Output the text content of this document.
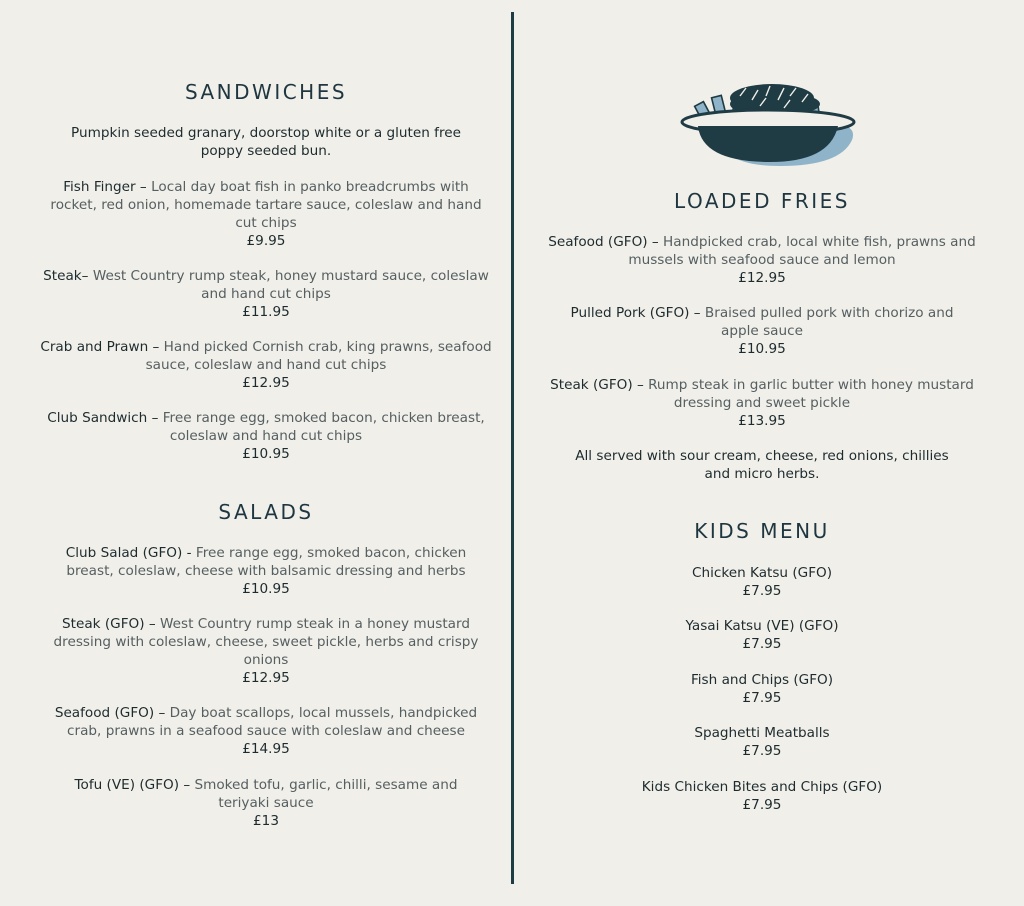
SANDWICHES
Pumpkin seeded granary, doorstop white or a gluten free poppy seeded bun.
Fish Finger – Local day boat fish in panko breadcrumbs with rocket, red onion, homemade tartare sauce, coleslaw and hand cut chips
£9.95
Steak– West Country rump steak, honey mustard sauce, coleslaw and hand cut chips
£11.95
Crab and Prawn – Hand picked Cornish crab, king prawns, seafood sauce, coleslaw and hand cut chips
£12.95
Club Sandwich – Free range egg, smoked bacon, chicken breast, coleslaw and hand cut chips
£10.95
SALADS
Club Salad (GFO) - Free range egg, smoked bacon, chicken breast, coleslaw, cheese with balsamic dressing and herbs
£10.95
Steak (GFO) – West Country rump steak in a honey mustard dressing with coleslaw, cheese, sweet pickle, herbs and crispy onions
£12.95
Seafood (GFO) – Day boat scallops, local mussels, handpicked crab, prawns in a seafood sauce with coleslaw and cheese
£14.95
Tofu (VE) (GFO) – Smoked tofu, garlic, chilli, sesame and teriyaki sauce
£13
LOADED FRIES
Seafood (GFO) – Handpicked crab, local white fish, prawns and mussels with seafood sauce and lemon
£12.95
Pulled Pork (GFO) – Braised pulled pork with chorizo and apple sauce
£10.95
Steak (GFO) – Rump steak in garlic butter with honey mustard dressing and sweet pickle
£13.95
All served with sour cream, cheese, red onions, chillies and micro herbs.
KIDS MENU
Chicken Katsu (GFO)
£7.95
Yasai Katsu (VE) (GFO)
£7.95
Fish and Chips (GFO)
£7.95
Spaghetti Meatballs
£7.95
Kids Chicken Bites and Chips (GFO)
£7.95
